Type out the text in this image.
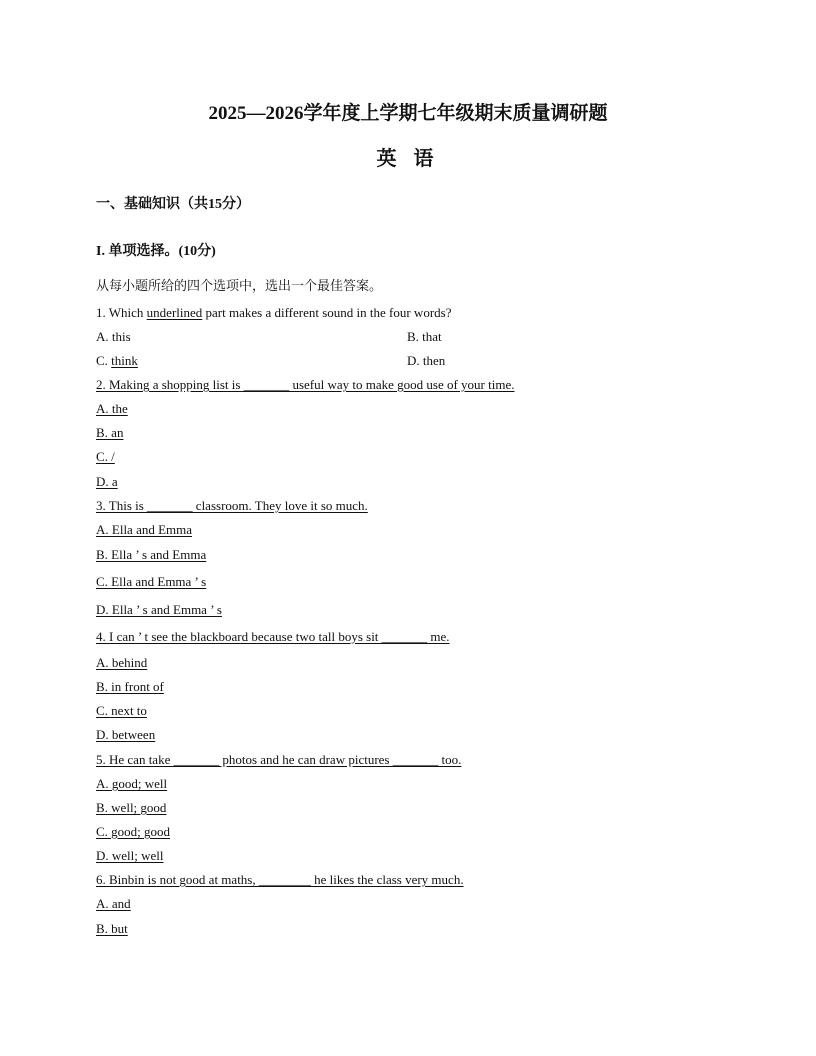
2025—2026学年度上学期七年级期末质量调研题
英 语
一、基础知识（共15分）
I. 单项选择。(10分)
从每小题所给的四个选项中，选出一个最佳答案。
1. Which underlined part makes a different sound in the four words?
A. this	B. that
C. think	D. then
2. Making a shopping list is _______ useful way to make good use of your time.
A. the
B. an
C. /
D. a
3. This is _______ classroom. They love it so much.
A. Ella and Emma
B. Ella ’ s and Emma
C. Ella and Emma ’ s
D. Ella ’ s and Emma ’ s
4. I can ’ t see the blackboard because two tall boys sit _______ me.
A. behind
B. in front of
C. next to
D. between
5. He can take _______ photos and he can draw pictures _______ too.
A. good; well
B. well; good
C. good; good
D. well; well
6. Binbin is not good at maths, ________ he likes the class very much.
A. and
B. but
